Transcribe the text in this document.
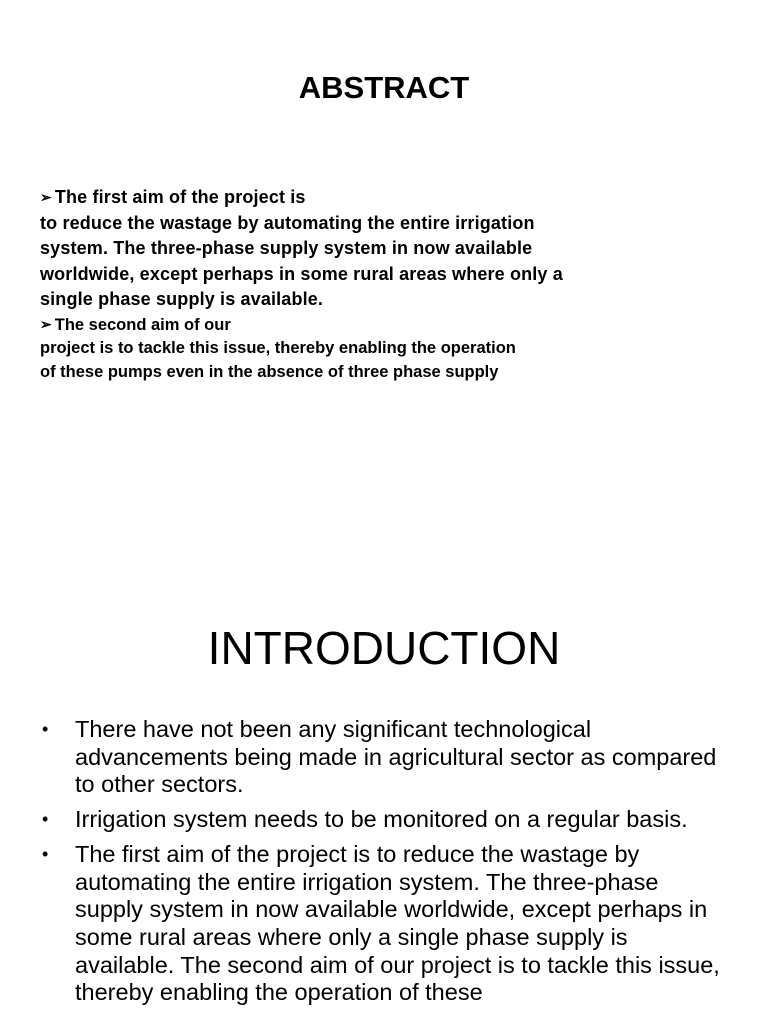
ABSTRACT
➢ The first aim of the project is
to reduce the wastage by automating the entire irrigation
system. The three-phase supply system in now available
worldwide, except perhaps in some rural areas where only a
single phase supply is available.
➢ The second aim of our
project is to tackle this issue, thereby enabling the operation
of these pumps even in the absence of three phase supply
INTRODUCTION
• There have not been any significant technological advancements being made in agricultural sector as compared to other sectors.
• Irrigation system needs to be monitored on a regular basis.
• The first aim of the project is to reduce the wastage by automating the entire irrigation system. The three-phase supply system in now available worldwide, except perhaps in some rural areas where only a single phase supply is available. The second aim of our project is to tackle this issue, thereby enabling the operation of these
